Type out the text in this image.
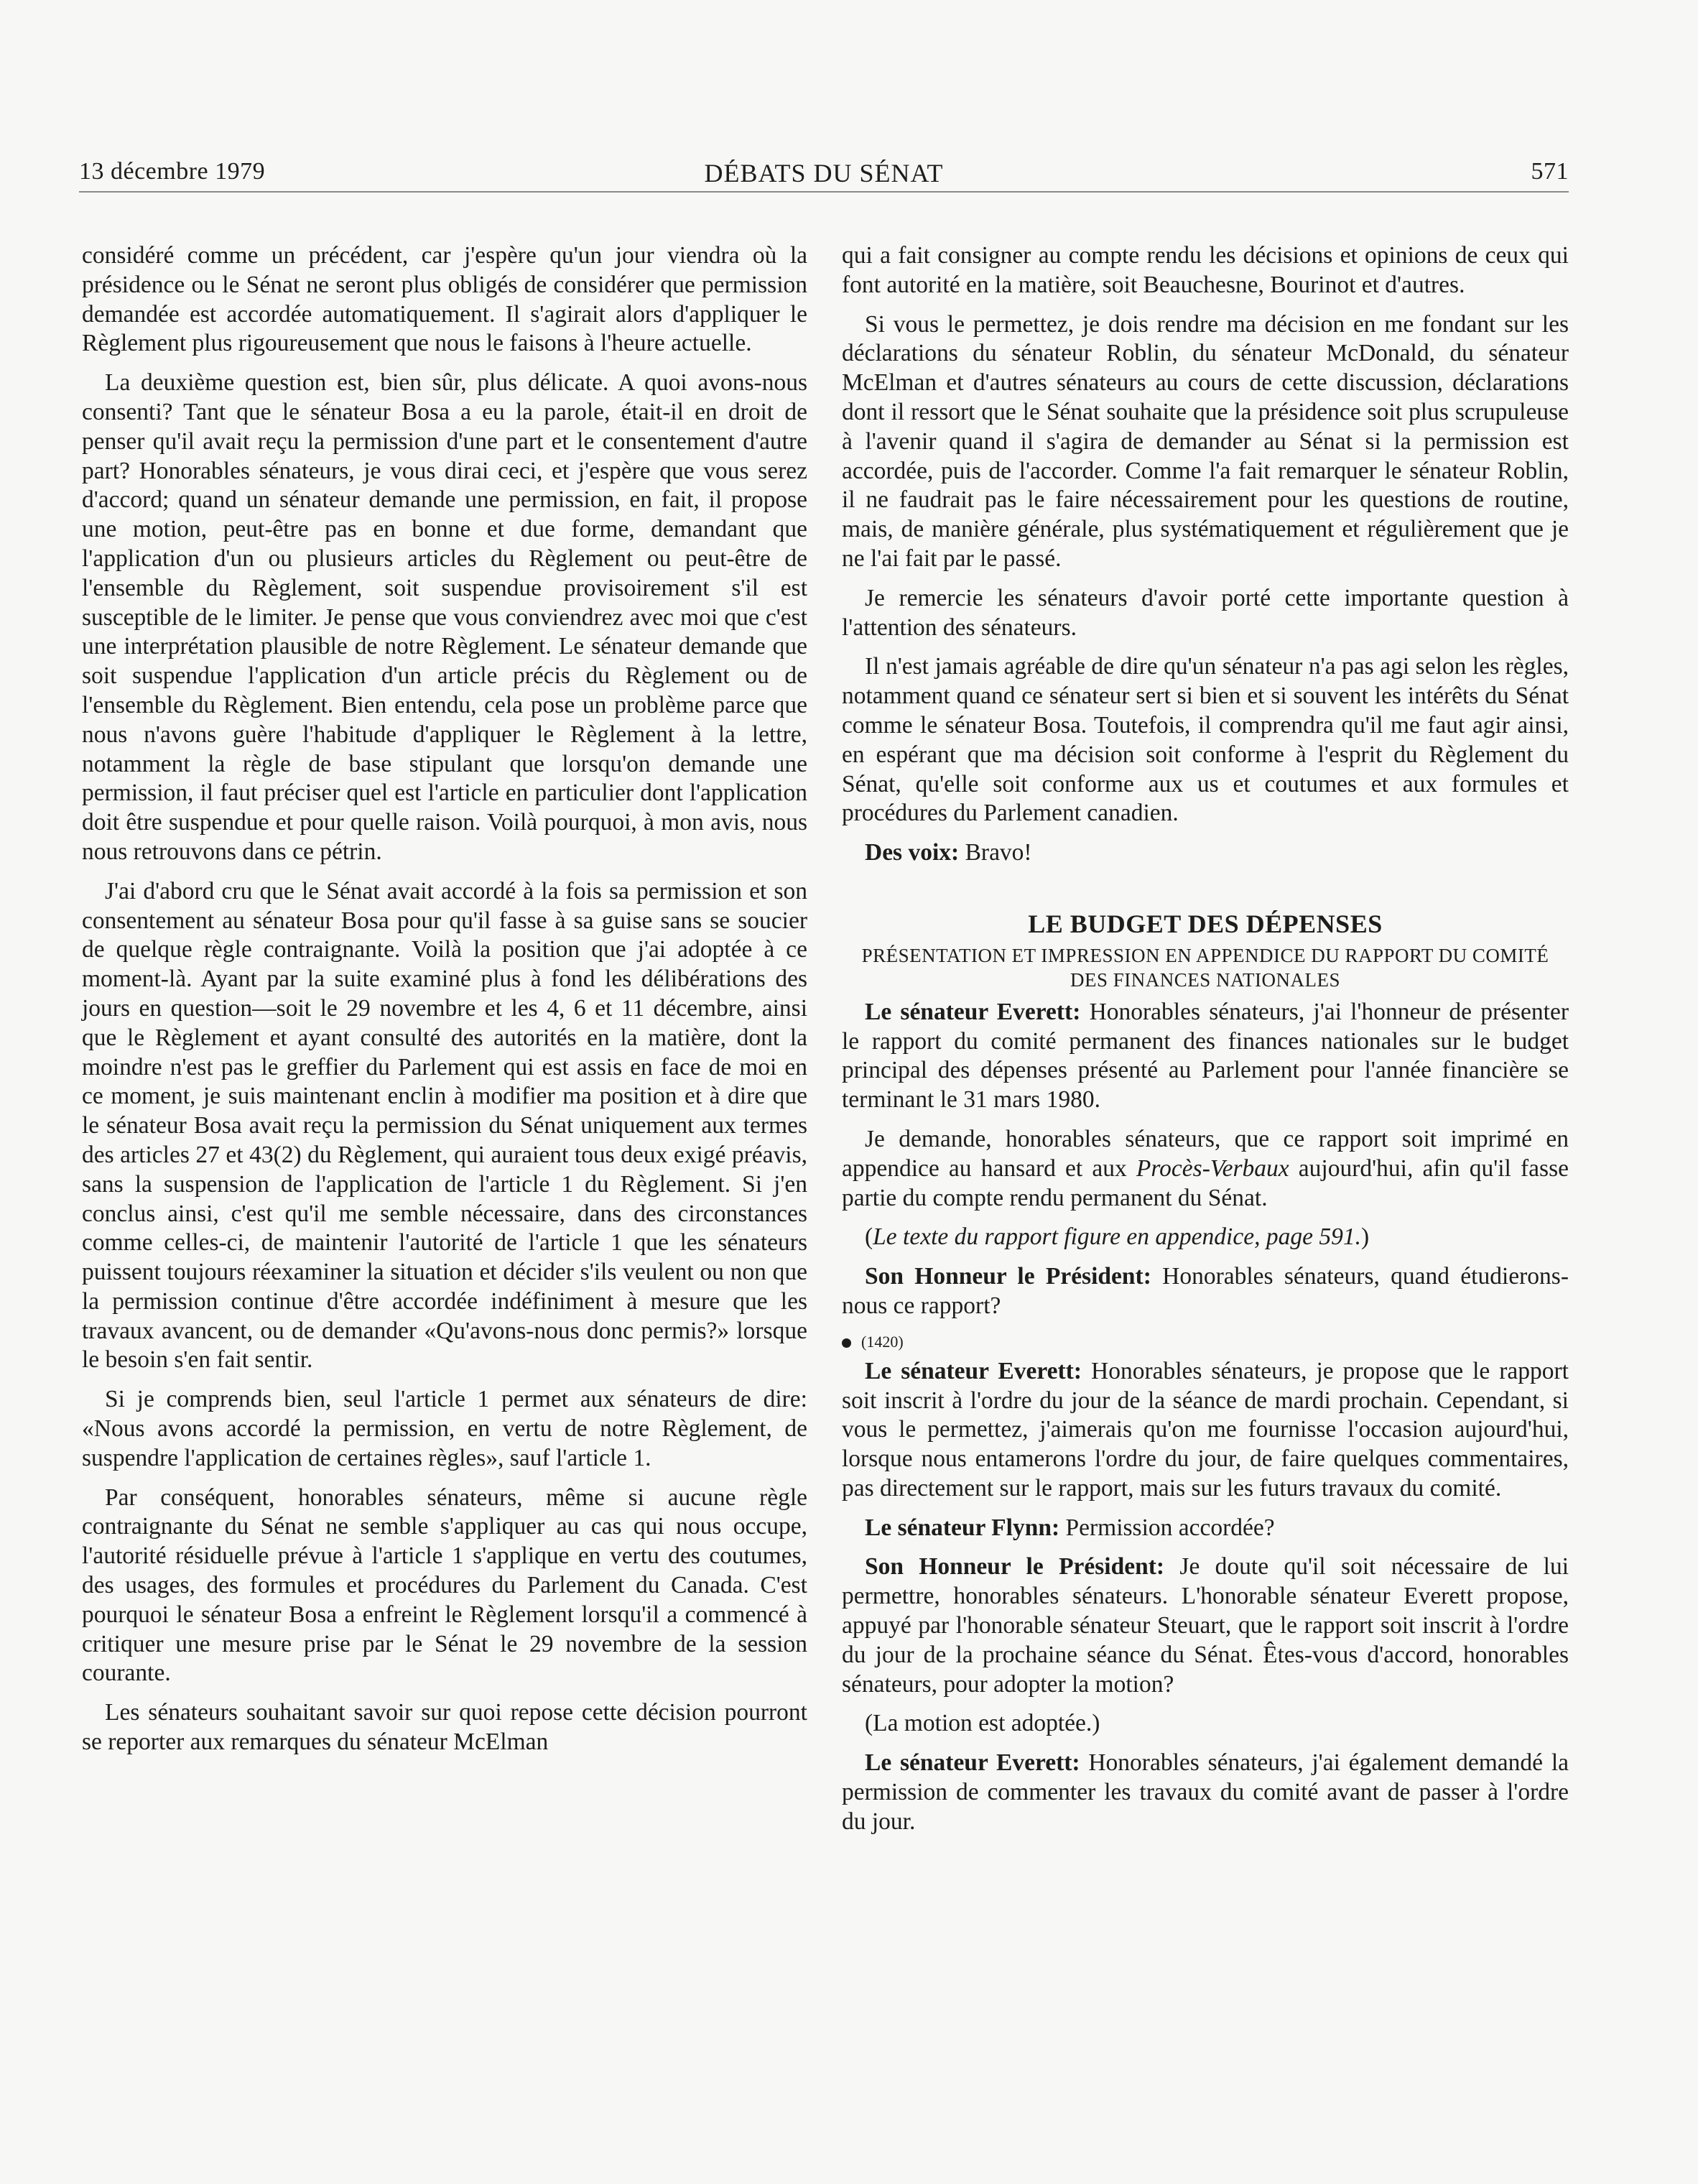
13 décembre 1979	DÉBATS DU SÉNAT	571

considéré comme un précédent, car j'espère qu'un jour viendra où la présidence ou le Sénat ne seront plus obligés de considérer que permission demandée est accordée automatiquement. Il s'agirait alors d'appliquer le Règlement plus rigoureusement que nous le faisons à l'heure actuelle.

La deuxième question est, bien sûr, plus délicate. A quoi avons-nous consenti? Tant que le sénateur Bosa a eu la parole, était-il en droit de penser qu'il avait reçu la permission d'une part et le consentement d'autre part? Honorables sénateurs, je vous dirai ceci, et j'espère que vous serez d'accord; quand un sénateur demande une permission, en fait, il propose une motion, peut-être pas en bonne et due forme, demandant que l'application d'un ou plusieurs articles du Règlement ou peut-être de l'ensemble du Règlement, soit suspendue provisoirement s'il est susceptible de le limiter. Je pense que vous conviendrez avec moi que c'est une interprétation plausible de notre Règlement. Le sénateur demande que soit suspendue l'application d'un article précis du Règlement ou de l'ensemble du Règlement. Bien entendu, cela pose un problème parce que nous n'avons guère l'habitude d'appliquer le Règlement à la lettre, notamment la règle de base stipulant que lorsqu'on demande une permission, il faut préciser quel est l'article en particulier dont l'application doit être suspendue et pour quelle raison. Voilà pourquoi, à mon avis, nous nous retrouvons dans ce pétrin.

J'ai d'abord cru que le Sénat avait accordé à la fois sa permission et son consentement au sénateur Bosa pour qu'il fasse à sa guise sans se soucier de quelque règle contraignante. Voilà la position que j'ai adoptée à ce moment-là. Ayant par la suite examiné plus à fond les délibérations des jours en question—soit le 29 novembre et les 4, 6 et 11 décembre, ainsi que le Règlement et ayant consulté des autorités en la matière, dont la moindre n'est pas le greffier du Parlement qui est assis en face de moi en ce moment, je suis maintenant enclin à modifier ma position et à dire que le sénateur Bosa avait reçu la permission du Sénat uniquement aux termes des articles 27 et 43(2) du Règlement, qui auraient tous deux exigé préavis, sans la suspension de l'application de l'article 1 du Règlement. Si j'en conclus ainsi, c'est qu'il me semble nécessaire, dans des circonstances comme celles-ci, de maintenir l'autorité de l'article 1 que les sénateurs puissent toujours réexaminer la situation et décider s'ils veulent ou non que la permission continue d'être accordée indéfiniment à mesure que les travaux avancent, ou de demander «Qu'avons-nous donc permis?» lorsque le besoin s'en fait sentir.

Si je comprends bien, seul l'article 1 permet aux sénateurs de dire: «Nous avons accordé la permission, en vertu de notre Règlement, de suspendre l'application de certaines règles», sauf l'article 1.

Par conséquent, honorables sénateurs, même si aucune règle contraignante du Sénat ne semble s'appliquer au cas qui nous occupe, l'autorité résiduelle prévue à l'article 1 s'applique en vertu des coutumes, des usages, des formules et procédures du Parlement du Canada. C'est pourquoi le sénateur Bosa a enfreint le Règlement lorsqu'il a commencé à critiquer une mesure prise par le Sénat le 29 novembre de la session courante.

Les sénateurs souhaitant savoir sur quoi repose cette décision pourront se reporter aux remarques du sénateur McElman

qui a fait consigner au compte rendu les décisions et opinions de ceux qui font autorité en la matière, soit Beauchesne, Bourinot et d'autres.

Si vous le permettez, je dois rendre ma décision en me fondant sur les déclarations du sénateur Roblin, du sénateur McDonald, du sénateur McElman et d'autres sénateurs au cours de cette discussion, déclarations dont il ressort que le Sénat souhaite que la présidence soit plus scrupuleuse à l'avenir quand il s'agira de demander au Sénat si la permission est accordée, puis de l'accorder. Comme l'a fait remarquer le sénateur Roblin, il ne faudrait pas le faire nécessairement pour les questions de routine, mais, de manière générale, plus systématiquement et régulièrement que je ne l'ai fait par le passé.

Je remercie les sénateurs d'avoir porté cette importante question à l'attention des sénateurs.

Il n'est jamais agréable de dire qu'un sénateur n'a pas agi selon les règles, notamment quand ce sénateur sert si bien et si souvent les intérêts du Sénat comme le sénateur Bosa. Toutefois, il comprendra qu'il me faut agir ainsi, en espérant que ma décision soit conforme à l'esprit du Règlement du Sénat, qu'elle soit conforme aux us et coutumes et aux formules et procédures du Parlement canadien.

Des voix: Bravo!

LE BUDGET DES DÉPENSES
PRÉSENTATION ET IMPRESSION EN APPENDICE DU RAPPORT DU COMITÉ DES FINANCES NATIONALES

Le sénateur Everett: Honorables sénateurs, j'ai l'honneur de présenter le rapport du comité permanent des finances nationales sur le budget principal des dépenses présenté au Parlement pour l'année financière se terminant le 31 mars 1980.

Je demande, honorables sénateurs, que ce rapport soit imprimé en appendice au hansard et aux Procès-Verbaux aujourd'hui, afin qu'il fasse partie du compte rendu permanent du Sénat.

(Le texte du rapport figure en appendice, page 591.)

Son Honneur le Président: Honorables sénateurs, quand étudierons-nous ce rapport?

(1420)

Le sénateur Everett: Honorables sénateurs, je propose que le rapport soit inscrit à l'ordre du jour de la séance de mardi prochain. Cependant, si vous le permettez, j'aimerais qu'on me fournisse l'occasion aujourd'hui, lorsque nous entamerons l'ordre du jour, de faire quelques commentaires, pas directement sur le rapport, mais sur les futurs travaux du comité.

Le sénateur Flynn: Permission accordée?

Son Honneur le Président: Je doute qu'il soit nécessaire de lui permettre, honorables sénateurs. L'honorable sénateur Everett propose, appuyé par l'honorable sénateur Steuart, que le rapport soit inscrit à l'ordre du jour de la prochaine séance du Sénat. Êtes-vous d'accord, honorables sénateurs, pour adopter la motion?

(La motion est adoptée.)

Le sénateur Everett: Honorables sénateurs, j'ai également demandé la permission de commenter les travaux du comité avant de passer à l'ordre du jour.
